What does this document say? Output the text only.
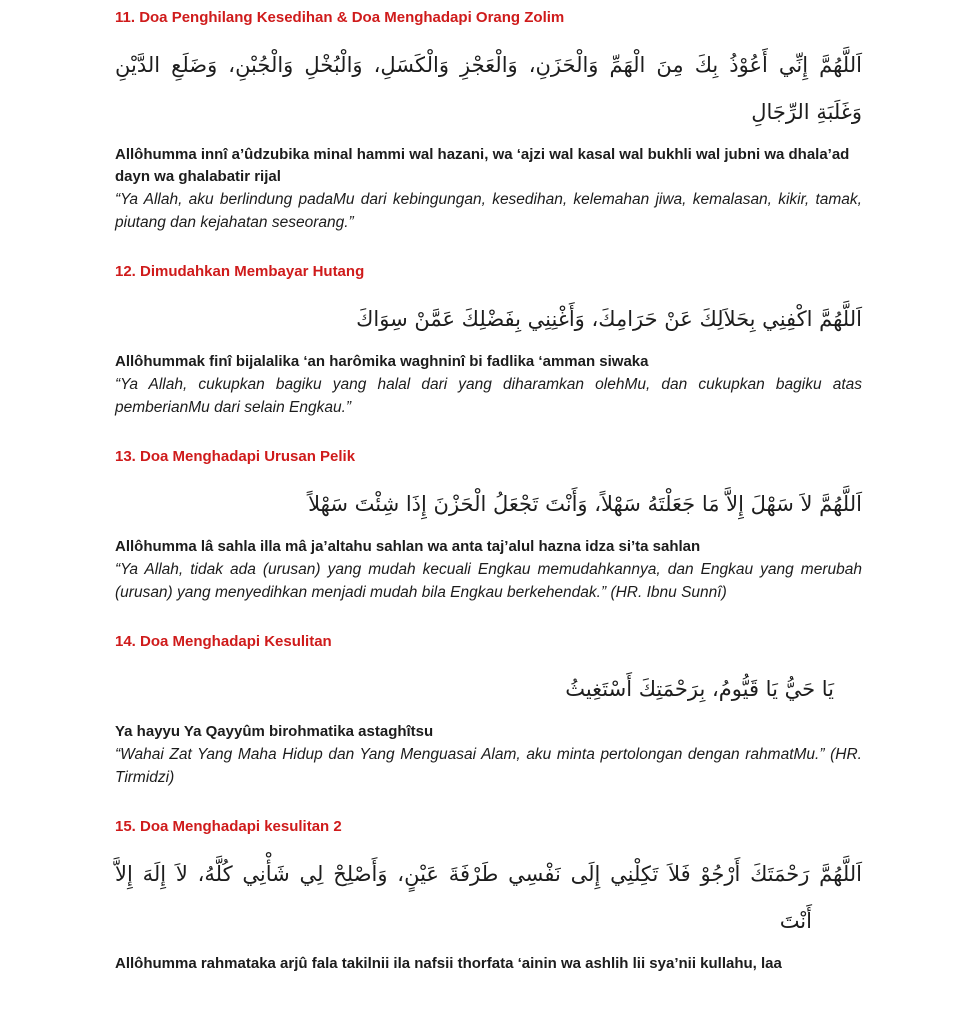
11. Doa Penghilang Kesedihan & Doa Menghadapi Orang Zolim
اَللَّهُمَّ إِنِّي أَعُوْذُ بِكَ مِنَ الْهَمِّ وَالْحَزَنِ، وَالْعَجْزِ وَالْكَسَلِ، وَالْبُخْلِ وَالْجُبْنِ، وَضَلَعِ الدَّيْنِ
وَغَلَبَةِ الرِّجَالِ

Allôhumma innî a’ûdzubika minal hammi wal hazani, wa ‘ajzi wal kasal wal bukhli wal jubni wa dhala’ad dayn wa ghalabatir rijal

“Ya Allah, aku berlindung padaMu dari kebingungan, kesedihan, kelemahan jiwa, kemalasan, kikir, tamak, piutang dan kejahatan seseorang.”

12. Dimudahkan Membayar Hutang
اَللَّهُمَّ اكْفِنِي بِحَلاَلِكَ عَنْ حَرَامِكَ، وَأَغْنِنِي بِفَضْلِكَ عَمَّنْ سِوَاكَ

Allôhummak finî bijalalika ‘an harômika waghninî bi fadlika ‘amman siwaka

“Ya Allah, cukupkan bagiku yang halal dari yang diharamkan olehMu, dan cukupkan bagiku atas pemberianMu dari selain Engkau.”

13. Doa Menghadapi Urusan Pelik
اَللَّهُمَّ لاَ سَهْلَ إِلاَّ مَا جَعَلْتَهُ سَهْلاً، وَأَنْتَ تَجْعَلُ الْحَزْنَ إِذَا شِئْتَ سَهْلاً

Allôhumma lâ sahla illa mâ ja’altahu sahlan wa anta taj’alul hazna idza si’ta sahlan

“Ya Allah, tidak ada (urusan) yang mudah kecuali Engkau memudahkannya, dan Engkau yang merubah (urusan) yang menyedihkan menjadi mudah bila Engkau berkehendak.” (HR. Ibnu Sunnî)

14. Doa Menghadapi Kesulitan
يَا حَيُّ يَا قَيُّومُ، بِرَحْمَتِكَ أَسْتَغِيثُ

Ya hayyu Ya Qayyûm birohmatika astaghîtsu

“Wahai Zat Yang Maha Hidup dan Yang Menguasai Alam, aku minta pertolongan dengan rahmatMu.” (HR. Tirmidzi)

15. Doa Menghadapi kesulitan 2
اَللَّهُمَّ رَحْمَتَكَ أَرْجُوْ فَلاَ تَكِلْنِي إِلَى نَفْسِي طَرْفَةَ عَيْنٍ، وَأَصْلِحْ لِي شَأْنِي كُلَّهُ، لاَ إِلَهَ إِلاَّ
أَنْتَ

Allôhumma rahmataka arjû fala takilnii ila nafsii thorfata ‘ainin wa ashlih lii sya’nii kullahu, laa
